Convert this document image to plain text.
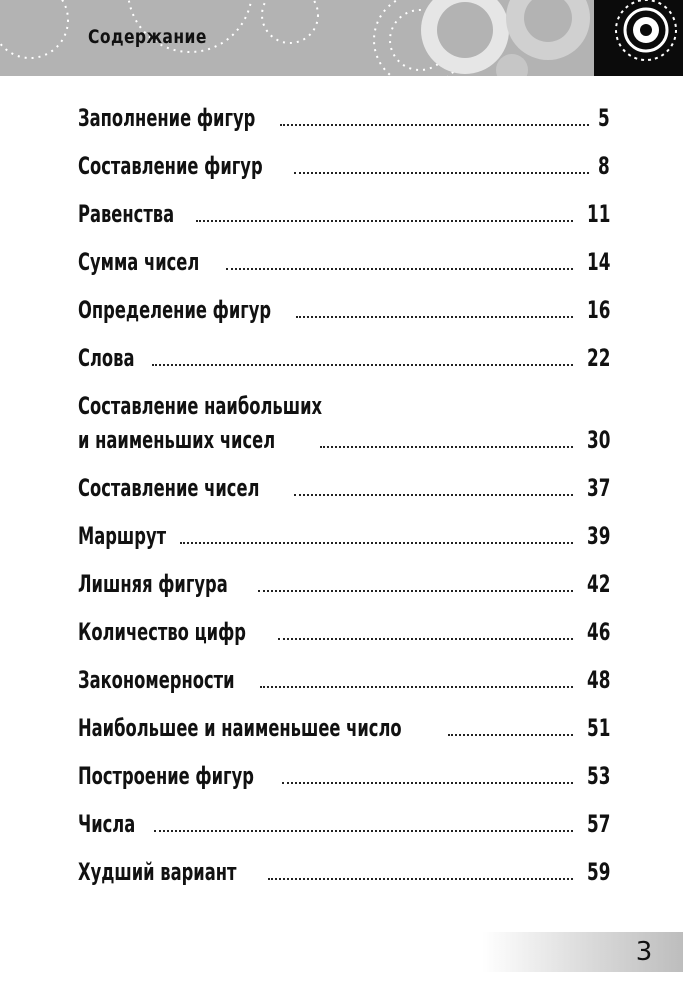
Содержание
Заполнение фигур	5
Составление фигур	8
Равенства	11
Сумма чисел	14
Определение фигур	16
Слова	22
Составление наибольших
и наименьших чисел	30
Составление чисел	37
Маршрут	39
Лишняя фигура	42
Количество цифр	46
Закономерности	48
Наибольшее и наименьшее число	51
Построение фигур	53
Числа	57
Худший вариант	59
3
